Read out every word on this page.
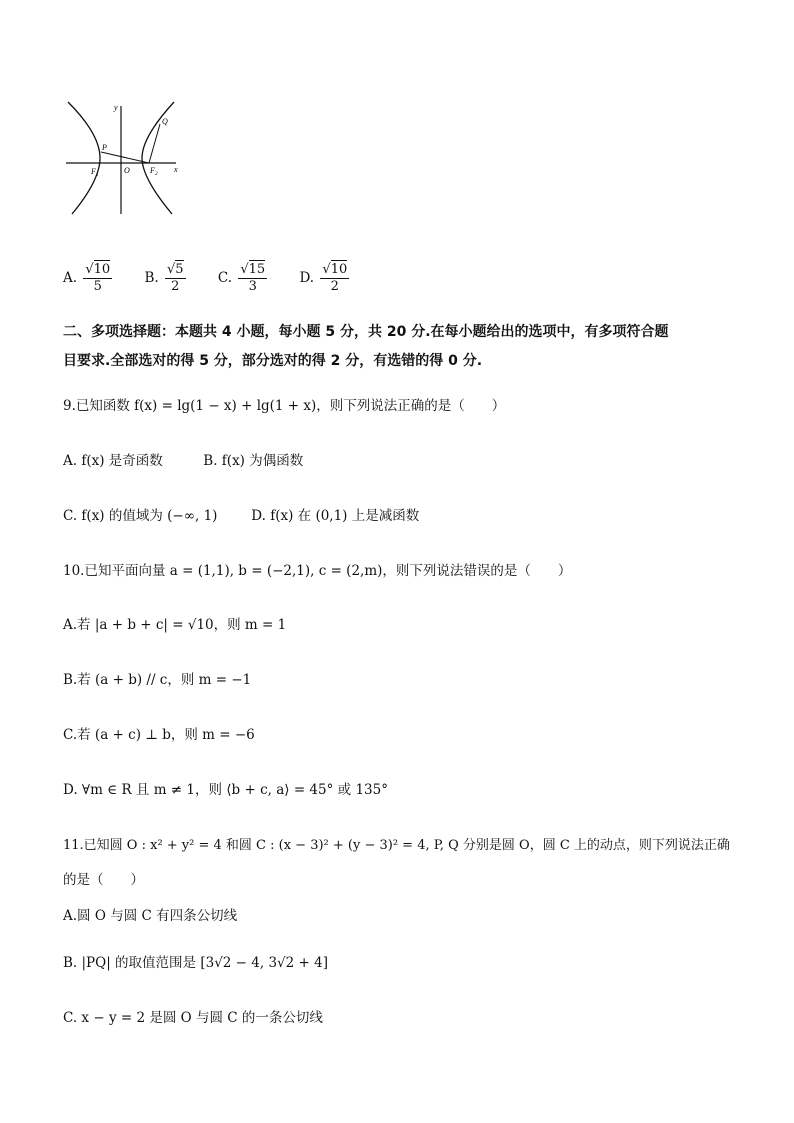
y
x
Q
P
O
$F_1$	$F_2$
A. $\frac{√10}{5} B$. $\frac{√5}{2} C$. $\frac{√15}{3} D$. $\frac{√10}{2}$
二、多项选择题：本题共 4 小题，每小题 5 分，共 20 分.在每小题给出的选项中，有多项符合题
目要求.全部选对的得 5 分，部分选对的得 2 分，有选错的得 0 分.
9.已知函数 f(x) = lg(1 − x) + lg(1 + x)，则下列说法正确的是（　　）
A. f(x) 是奇函数	B. f(x) 为偶函数
C. f(x) 的值域为 (−∞, 1)	D. f(x) 在 (0,1) 上是减函数
10.已知平面向量 a = (1,1), b = (−2,1), c = (2,m)，则下列说法错误的是（　　）
A.若 |a + b + c| = √10，则 m = 1
B.若 (a + b) // c，则 m = −1
C.若 (a + c) ⊥ b，则 m = −6
D. ∀m ∈ R 且 m ≠ 1，则 ⟨b + c, a⟩ = 45° 或 135°
11.已知圆 O : x² + y² = 4 和圆 C : (x − 3)² + (y − 3)² = 4, P, Q 分别是圆 O，圆 C 上的动点，则下列说法正确
的是（　　）
A.圆 O 与圆 C 有四条公切线
B. |PQ| 的取值范围是 [3√2 − 4, 3√2 + 4]
C. x − y = 2 是圆 O 与圆 C 的一条公切线
